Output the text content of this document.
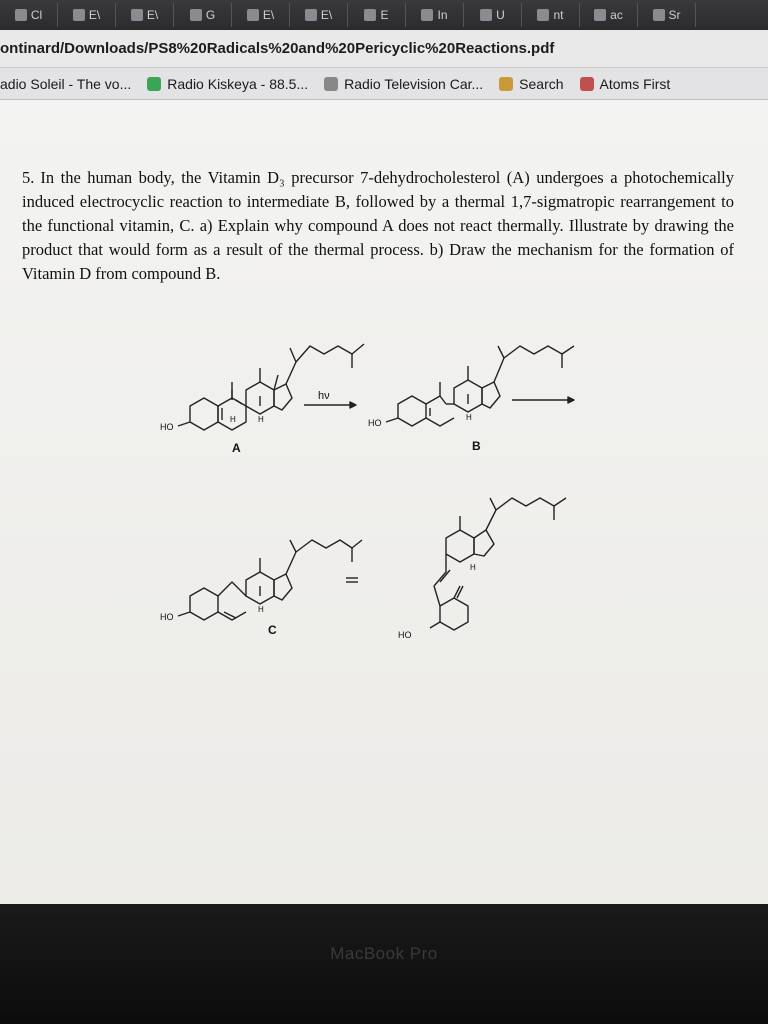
Cl	E\	E\	G	E\	E\	E	In	U	nt	ac	Sr
ontinard/Downloads/PS8%20Radicals%20and%20Pericyclic%20Reactions.pdf
adio Soleil - The vo...	Radio Kiskeya - 88.5...	Radio Television Car...	Search	Atoms First

5. In the human body, the Vitamin D₃ precursor 7-dehydrocholesterol (A) undergoes a photochemically induced electrocyclic reaction to intermediate B, followed by a thermal 1,7-sigmatropic rearrangement to the functional vitamin, C. a) Explain why compound A does not react thermally. Illustrate by drawing the product that would form as a result of the thermal process. b) Draw the mechanism for the formation of Vitamin D from compound B.

hν
HO	HO
HO
HO
H	H	H
H
H
A	B
C
MacBook Pro
